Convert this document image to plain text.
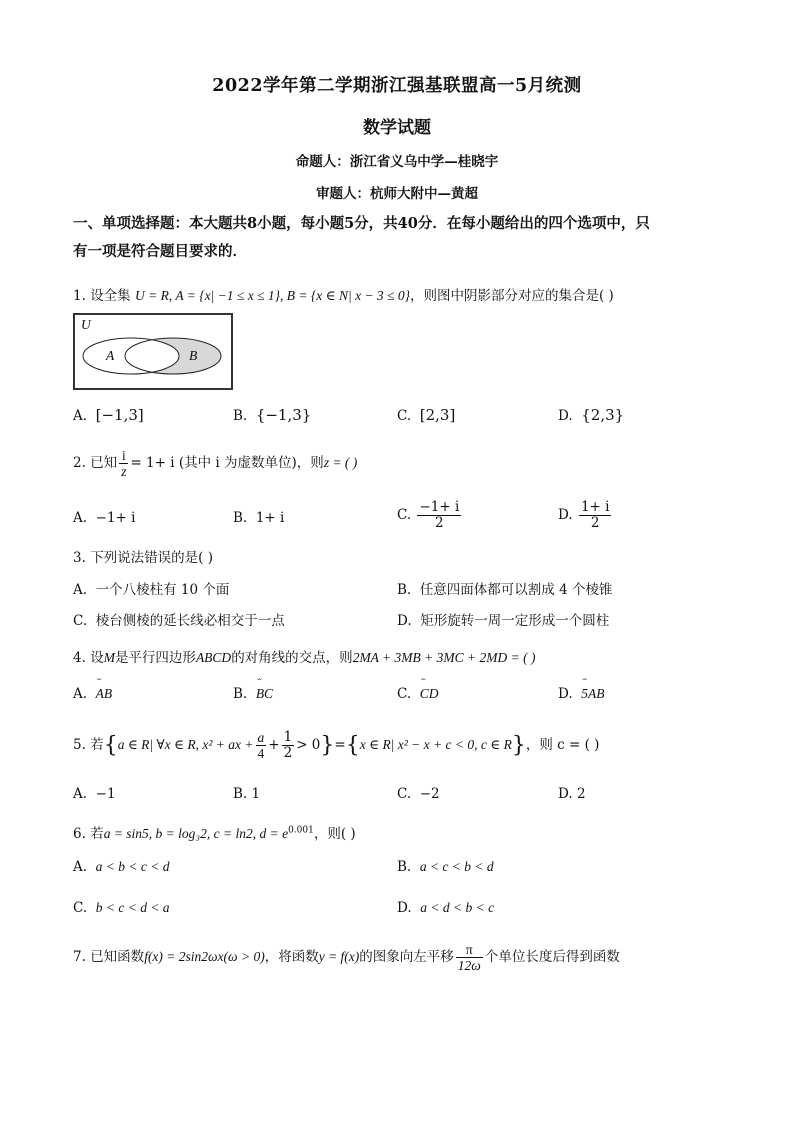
2022学年第二学期浙江强基联盟高一5月统测
数学试题
命题人：浙江省义乌中学—桂晓宇
审题人：杭师大附中—黄超
一、单项选择题：本大题共8小题，每小题5分，共40分．在每小题给出的四个选项中，只
有一项是符合题目要求的．
1. 设全集 U = R, A = {x| −1 ≤ x ≤ 1}, B = {x ∈ N| x − 3 ≤ 0}，则图中阴影部分对应的集合是( )
U
A	B
A. [−1,3]	B. {−1,3}	C. [2,3]	D. {2,3}
2. 已知 $\frac{i}{z} = 1+ i$ (其中 i 为虚数单位)，则z = ( )
A. −1+ i	B. 1+ i	C. $\frac{-1+ i}{2}$	D. $\frac{1+ i}{2}$
3. 下列说法错误的是( )
A. 一个八棱柱有 10 个面	B. 任意四面体都可以割成 4 个棱锥
C. 棱台侧棱的延长线必相交于一点	D. 矩形旋转一周一定形成一个圆柱
4. 设M是平行四边形ABCD的对角线的交点，则2MA + 3MB + 3MC + 2MD = ( )
A. ˘˘ AB	B. ˘˘ BC	C. ˘˘ CD	D. ˘˘ 5AB
5. 若{a ∈ R| ∀x ∈ R, x² + ax + $\frac{a}{4} + \frac{1}{2} > 0\}=\{x$ ∈ R| x² − x + c < 0, c ∈ R}，则 c = ( )
A. −1	B. 1	C. −2	D. 2
6. 若a = sin5, b = log₃2, c = ln2, $d = e^{0.001}$，则( )
A. a < b < c < d	B. a < c < b < d
C. b < c < d < a	D. a < d < b < c
7. 已知函数f(x) = 2sin2ωx(ω > 0)，将函数y = f(x)的图象向左平移 $\frac{\pi}{12\omega}$ 个单位长度后得到函数
